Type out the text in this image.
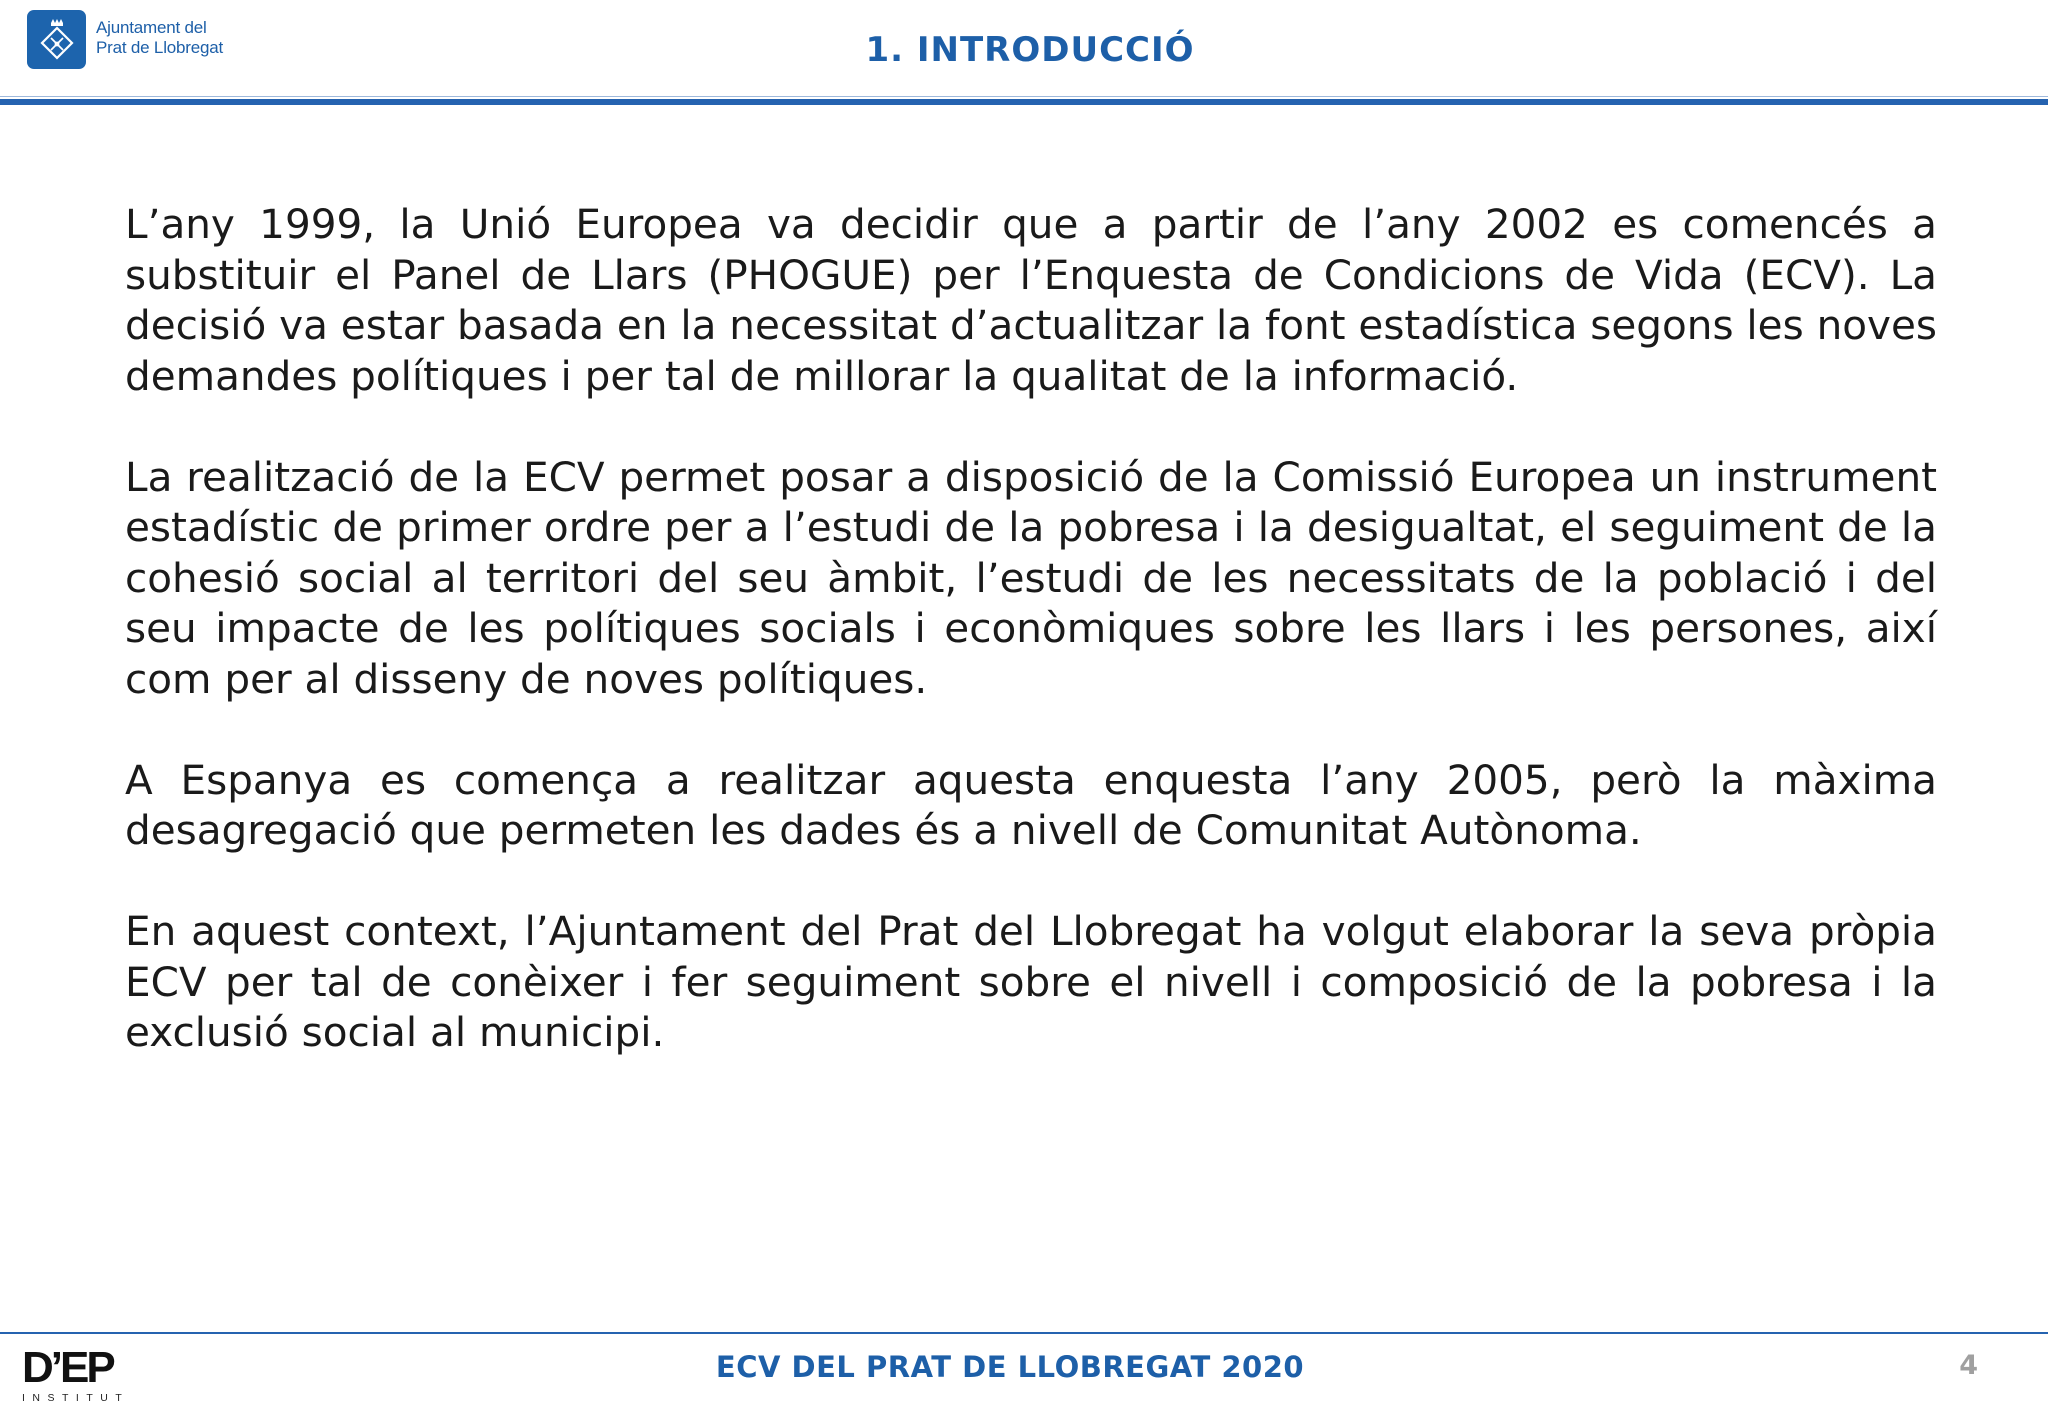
Ajuntament del
Prat de Llobregat	1. INTRODUCCIÓ

L’any 1999, la Unió Europea va decidir que a partir de l’any 2002 es comencés a substituir el Panel de Llars (PHOGUE) per l’Enquesta de Condicions de Vida (ECV). La decisió va estar basada en la necessitat d’actualitzar la font estadística segons les noves demandes polítiques i per tal de millorar la qualitat de la informació.

La realització de la ECV permet posar a disposició de la Comissió Europea un instrument estadístic de primer ordre per a l’estudi de la pobresa i la desigualtat, el seguiment de la cohesió social al territori del seu àmbit, l’estudi de les necessitats de la població i del seu impacte de les polítiques socials i econòmiques sobre les llars i les persones, així com per al disseny de noves polítiques.

A Espanya es comença a realitzar aquesta enquesta l’any 2005, però la màxima desagregació que permeten les dades és a nivell de Comunitat Autònoma.

En aquest context, l’Ajuntament del Prat del Llobregat ha volgut elaborar la seva pròpia ECV per tal de conèixer i fer seguiment sobre el nivell i composició de la pobresa i la exclusió social al municipi.

D’EP
INSTITUT
ECV DEL PRAT DE LLOBREGAT 2020	4
